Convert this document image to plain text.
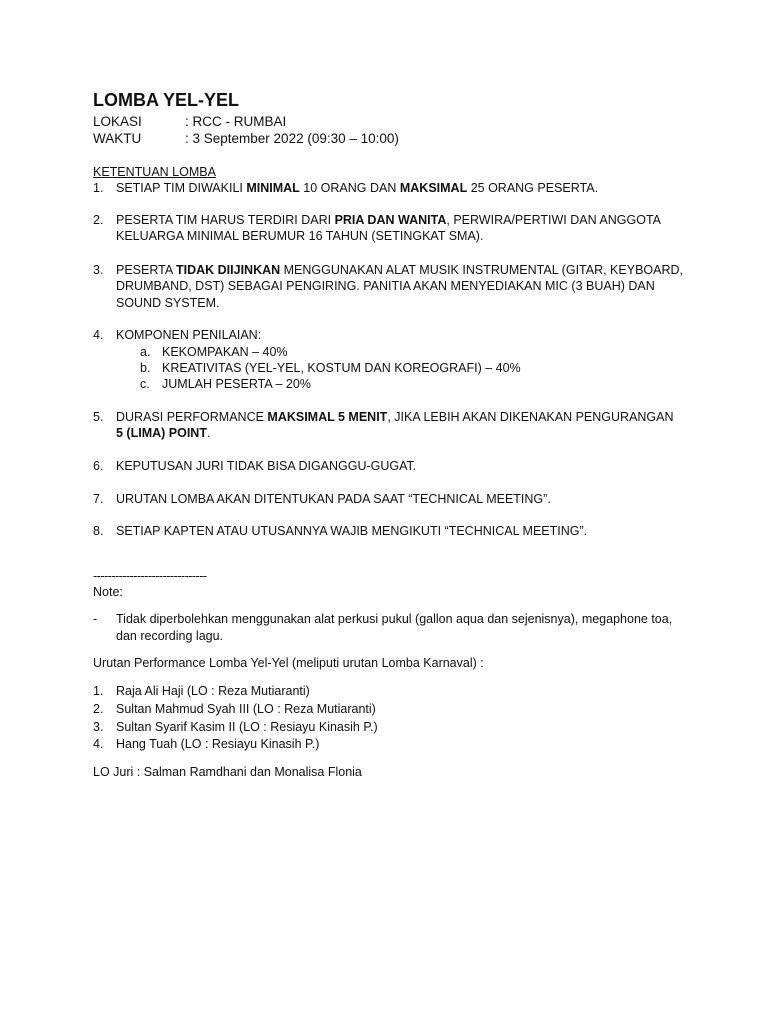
LOMBA YEL-YEL
LOKASI	: RCC - RUMBAI
WAKTU	: 3 September 2022 (09:30 – 10:00)
KETENTUAN LOMBA
1. SETIAP TIM DIWAKILI MINIMAL 10 ORANG DAN MAKSIMAL 25 ORANG PESERTA.
2. PESERTA TIM HARUS TERDIRI DARI PRIA DAN WANITA, PERWIRA/PERTIWI DAN ANGGOTA KELUARGA MINIMAL BERUMUR 16 TAHUN (SETINGKAT SMA).
3. PESERTA TIDAK DIIJINKAN MENGGUNAKAN ALAT MUSIK INSTRUMENTAL (GITAR, KEYBOARD, DRUMBAND, DST) SEBAGAI PENGIRING. PANITIA AKAN MENYEDIAKAN MIC (3 BUAH) DAN SOUND SYSTEM.
4. KOMPONEN PENILAIAN:
a. KEKOMPAKAN – 40%
b. KREATIVITAS (YEL-YEL, KOSTUM DAN KOREOGRAFI) – 40%
c. JUMLAH PESERTA – 20%
5. DURASI PERFORMANCE MAKSIMAL 5 MENIT, JIKA LEBIH AKAN DIKENAKAN PENGURANGAN 5 (LIMA) POINT.
6. KEPUTUSAN JURI TIDAK BISA DIGANGGU-GUGAT.
7. URUTAN LOMBA AKAN DITENTUKAN PADA SAAT “TECHNICAL MEETING”.
8. SETIAP KAPTEN ATAU UTUSANNYA WAJIB MENGIKUTI “TECHNICAL MEETING”.
-------------------------------
Note:
- Tidak diperbolehkan menggunakan alat perkusi pukul (gallon aqua dan sejenisnya), megaphone toa, dan recording lagu.
Urutan Performance Lomba Yel-Yel (meliputi urutan Lomba Karnaval) :
1. Raja Ali Haji (LO : Reza Mutiaranti)
2. Sultan Mahmud Syah III (LO : Reza Mutiaranti)
3. Sultan Syarif Kasim II (LO : Resiayu Kinasih P.)
4. Hang Tuah (LO : Resiayu Kinasih P.)
LO Juri : Salman Ramdhani dan Monalisa Flonia
